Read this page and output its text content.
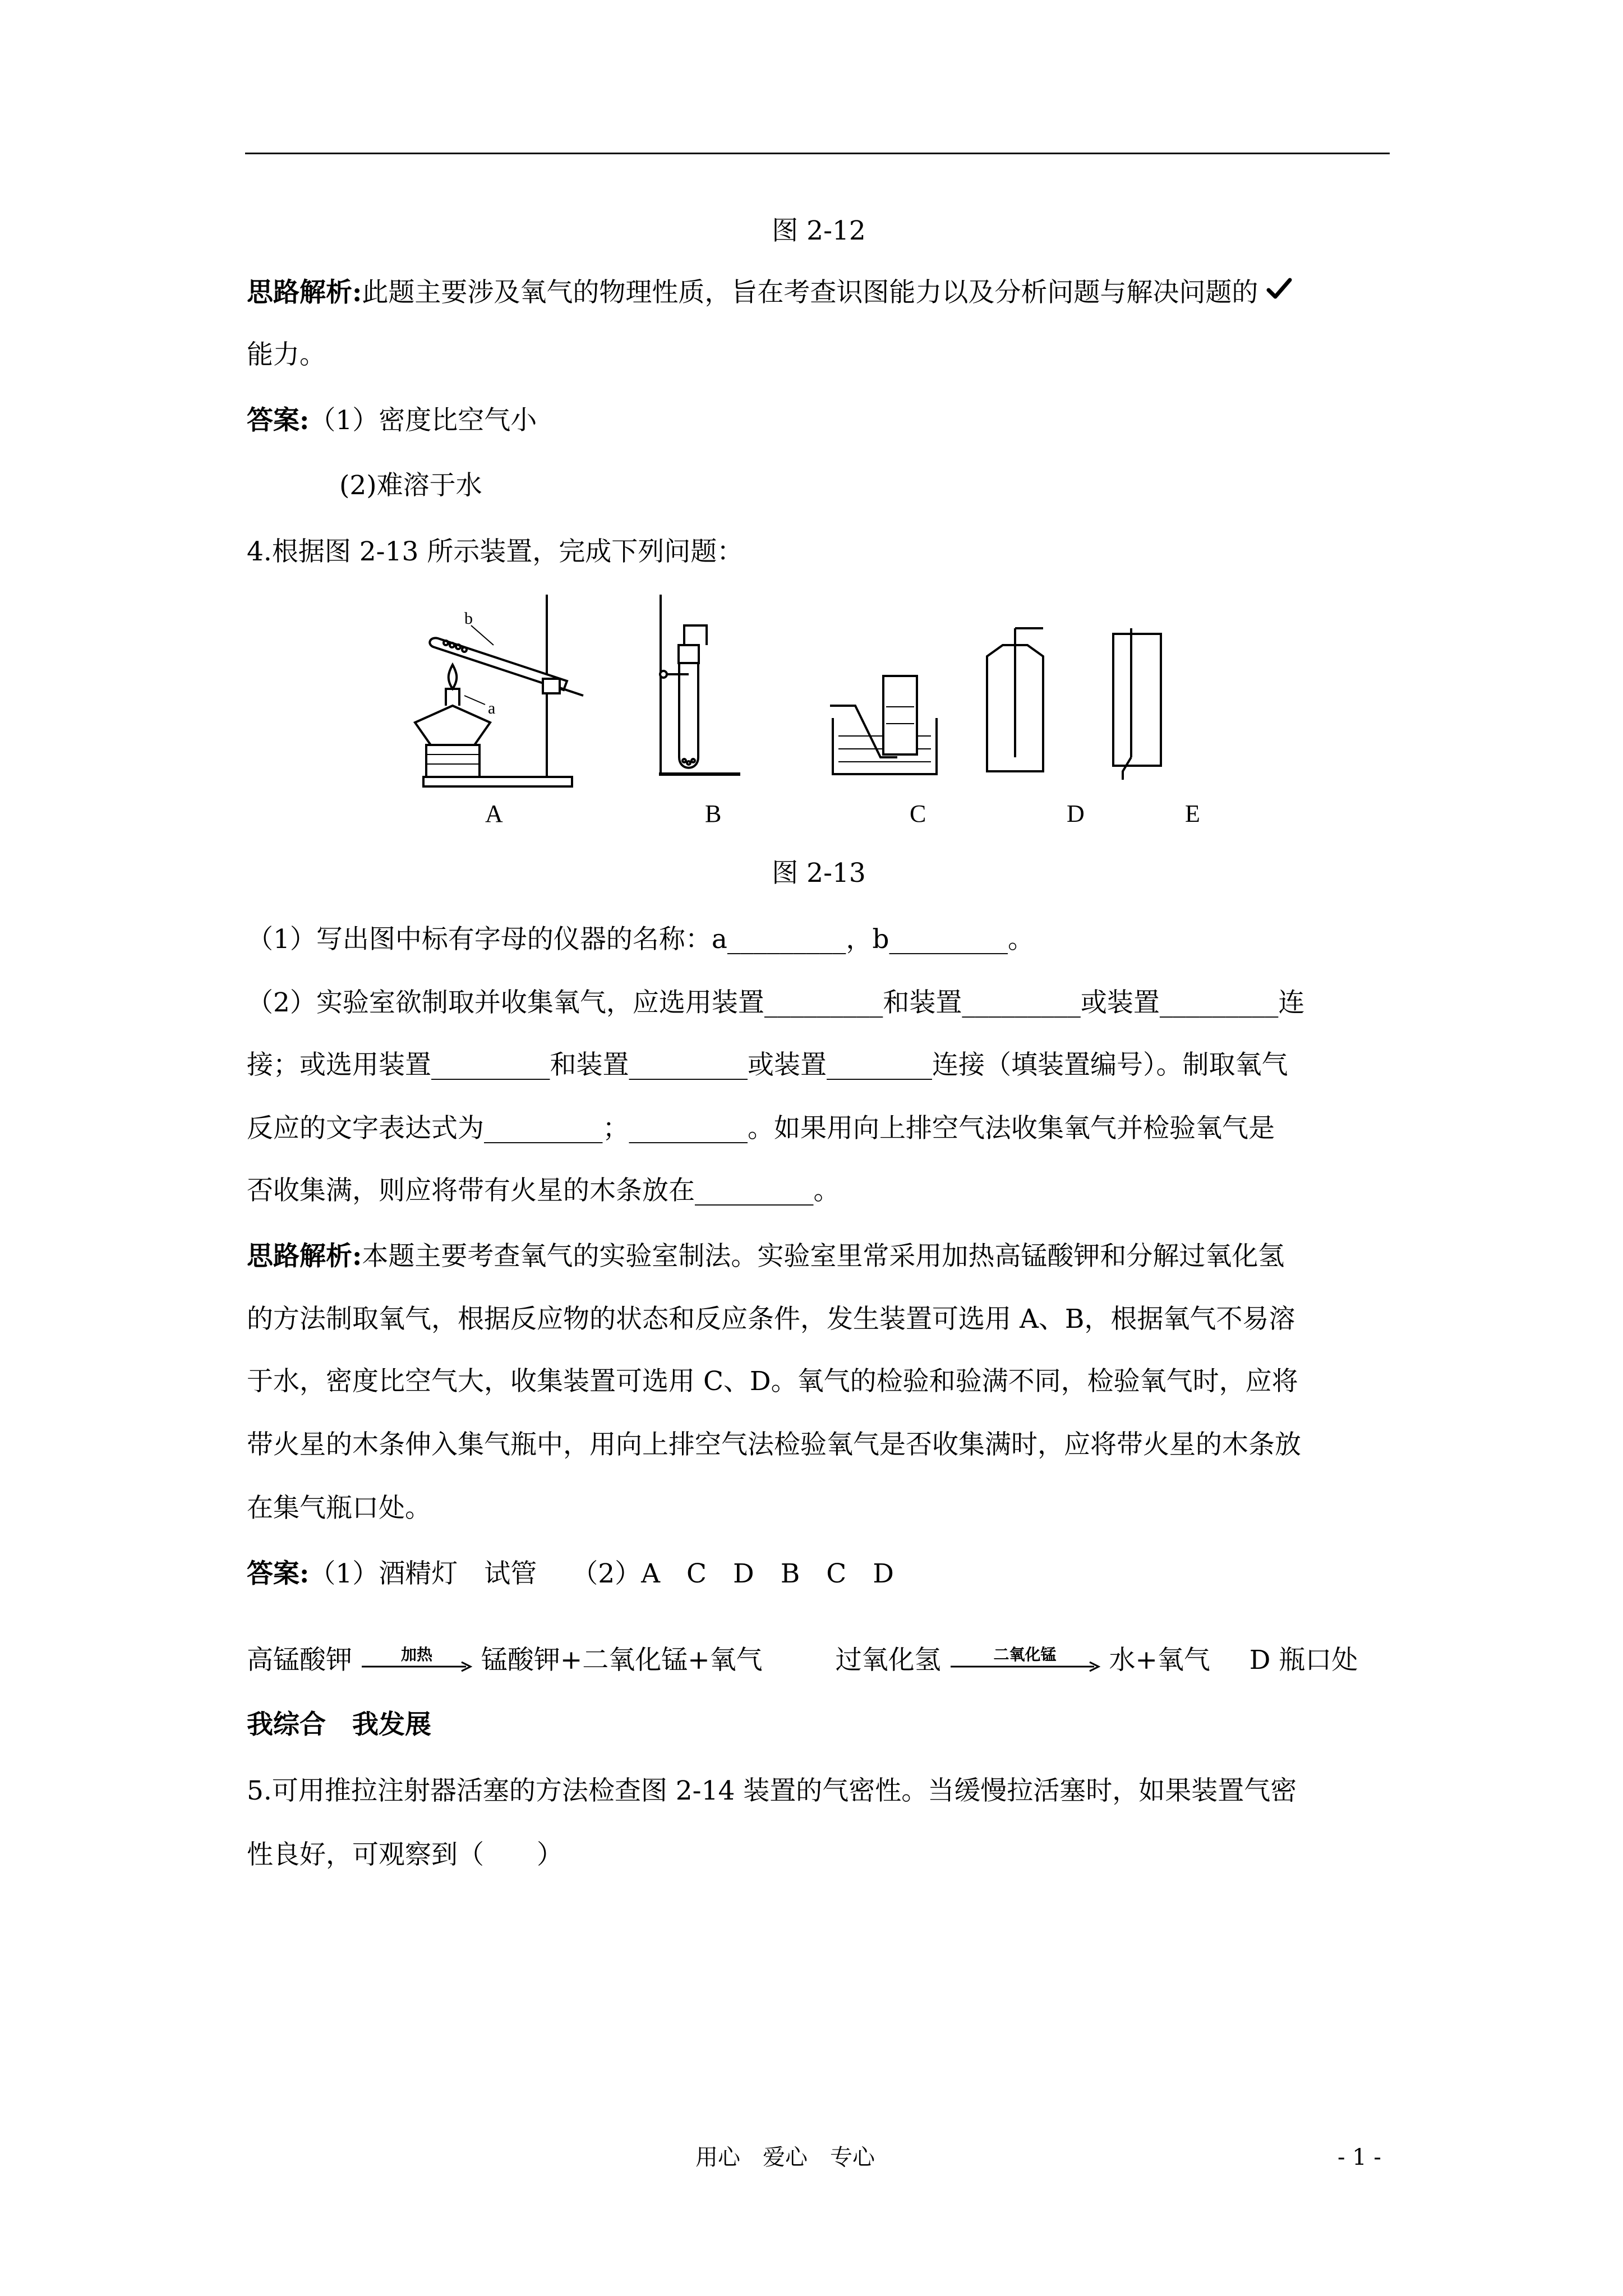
图 2-12
思路解析:此题主要涉及氧气的物理性质，旨在考查识图能力以及分析问题与解决问题的
能力。
答案:（1）密度比空气小
(2)难溶于水
4.根据图 2-13 所示装置，完成下列问题：
a
b
A	B	C	D	E
图 2-13
（1）写出图中标有字母的仪器的名称：a_________，b_________。
（2）实验室欲制取并收集氧气，应选用装置_________和装置_________或装置_________连
接；或选用装置_________和装置_________或装置________连接（填装置编号）。制取氧气
反应的文字表达式为_________；_________。如果用向上排空气法收集氧气并检验氧气是
否收集满，则应将带有火星的木条放在_________。
思路解析:本题主要考查氧气的实验室制法。实验室里常采用加热高锰酸钾和分解过氧化氢
的方法制取氧气，根据反应物的状态和反应条件，发生装置可选用 A、B，根据氧气不易溶
于水，密度比空气大，收集装置可选用 C、D。氧气的检验和验满不同，检验氧气时，应将
带火星的木条伸入集气瓶中，用向上排空气法检验氧气是否收集满时，应将带火星的木条放
在集气瓶口处。
答案:（1）酒精灯　试管　 （2）A　C　D　B　C　D
高锰酸钾	加热	锰酸钾+二氧化锰+氧气	过氧化氢	二氧化锰	水+氧气 D 瓶口处
我综合　我发展
5.可用推拉注射器活塞的方法检查图 2-14 装置的气密性。当缓慢拉活塞时，如果装置气密
性良好，可观察到（　　）
用心　爱心　专心	- 1 -
